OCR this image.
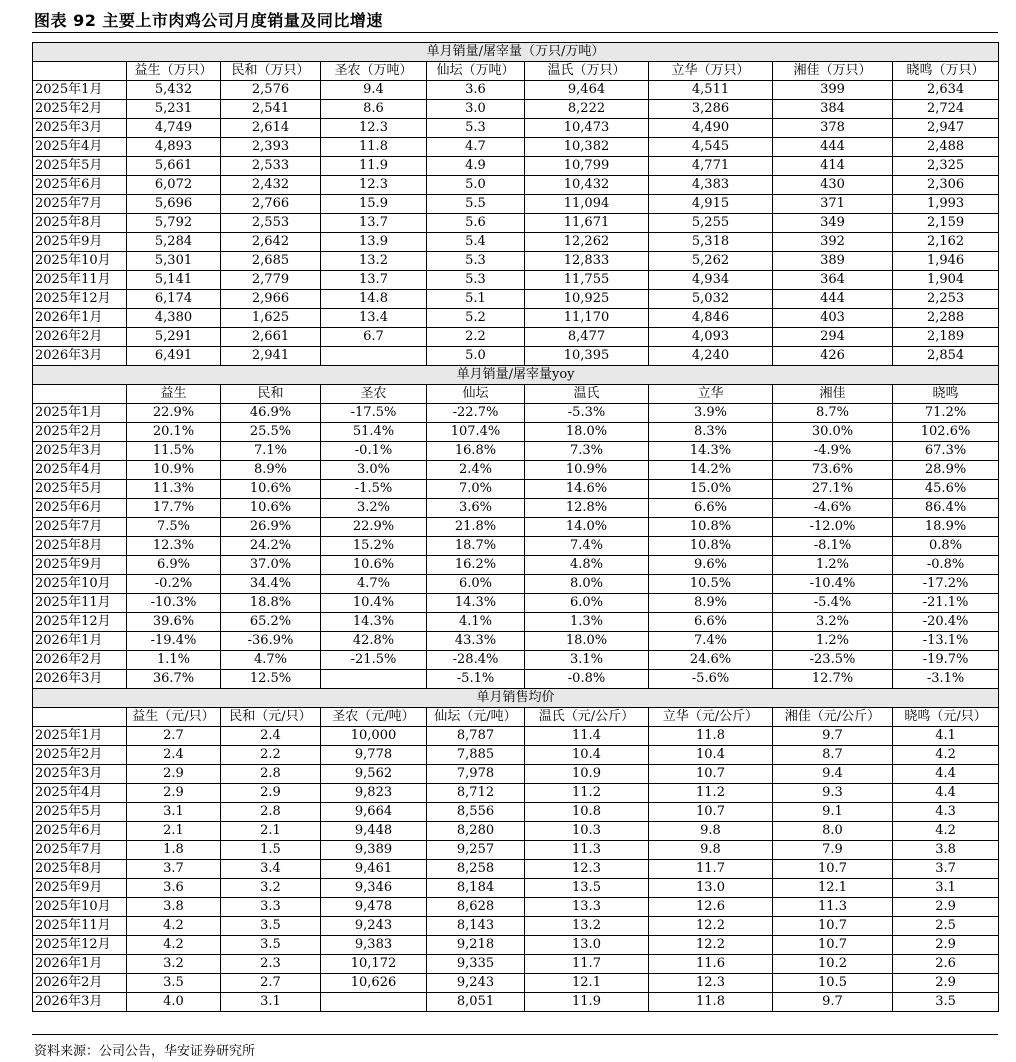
图表 92 主要上市肉鸡公司月度销量及同比增速
单月销量/屠宰量（万只/万吨）								
	益生（万只）	民和（万只）	圣农（万吨）	仙坛（万吨）	温氏（万只）	立华（万只）	湘佳（万只）	晓鸣（万只）
2025年1月	5,432	2,576	9.4	3.6	9,464	4,511	399	2,634
2025年2月	5,231	2,541	8.6	3.0	8,222	3,286	384	2,724
2025年3月	4,749	2,614	12.3	5.3	10,473	4,490	378	2,947
2025年4月	4,893	2,393	11.8	4.7	10,382	4,545	444	2,488
2025年5月	5,661	2,533	11.9	4.9	10,799	4,771	414	2,325
2025年6月	6,072	2,432	12.3	5.0	10,432	4,383	430	2,306
2025年7月	5,696	2,766	15.9	5.5	11,094	4,915	371	1,993
2025年8月	5,792	2,553	13.7	5.6	11,671	5,255	349	2,159
2025年9月	5,284	2,642	13.9	5.4	12,262	5,318	392	2,162
2025年10月	5,301	2,685	13.2	5.3	12,833	5,262	389	1,946
2025年11月	5,141	2,779	13.7	5.3	11,755	4,934	364	1,904
2025年12月	6,174	2,966	14.8	5.1	10,925	5,032	444	2,253
2026年1月	4,380	1,625	13.4	5.2	11,170	4,846	403	2,288
2026年2月	5,291	2,661	6.7	2.2	8,477	4,093	294	2,189
2026年3月	6,491	2,941		5.0	10,395	4,240	426	2,854
单月销量/屠宰量yoy								
	益生	民和	圣农	仙坛	温氏	立华	湘佳	晓鸣
2025年1月	22.9%	46.9%	-17.5%	-22.7%	-5.3%	3.9%	8.7%	71.2%
2025年2月	20.1%	25.5%	51.4%	107.4%	18.0%	8.3%	30.0%	102.6%
2025年3月	11.5%	7.1%	-0.1%	16.8%	7.3%	14.3%	-4.9%	67.3%
2025年4月	10.9%	8.9%	3.0%	2.4%	10.9%	14.2%	73.6%	28.9%
2025年5月	11.3%	10.6%	-1.5%	7.0%	14.6%	15.0%	27.1%	45.6%
2025年6月	17.7%	10.6%	3.2%	3.6%	12.8%	6.6%	-4.6%	86.4%
2025年7月	7.5%	26.9%	22.9%	21.8%	14.0%	10.8%	-12.0%	18.9%
2025年8月	12.3%	24.2%	15.2%	18.7%	7.4%	10.8%	-8.1%	0.8%
2025年9月	6.9%	37.0%	10.6%	16.2%	4.8%	9.6%	1.2%	-0.8%
2025年10月	-0.2%	34.4%	4.7%	6.0%	8.0%	10.5%	-10.4%	-17.2%
2025年11月	-10.3%	18.8%	10.4%	14.3%	6.0%	8.9%	-5.4%	-21.1%
2025年12月	39.6%	65.2%	14.3%	4.1%	1.3%	6.6%	3.2%	-20.4%
2026年1月	-19.4%	-36.9%	42.8%	43.3%	18.0%	7.4%	1.2%	-13.1%
2026年2月	1.1%	4.7%	-21.5%	-28.4%	3.1%	24.6%	-23.5%	-19.7%
2026年3月	36.7%	12.5%		-5.1%	-0.8%	-5.6%	12.7%	-3.1%
单月销售均价								
	益生（元/只）	民和（元/只）	圣农（元/吨）	仙坛（元/吨）	温氏（元/公斤）	立华（元/公斤）	湘佳（元/公斤）	晓鸣（元/只）
2025年1月	2.7	2.4	10,000	8,787	11.4	11.8	9.7	4.1
2025年2月	2.4	2.2	9,778	7,885	10.4	10.4	8.7	4.2
2025年3月	2.9	2.8	9,562	7,978	10.9	10.7	9.4	4.4
2025年4月	2.9	2.9	9,823	8,712	11.2	11.2	9.3	4.4
2025年5月	3.1	2.8	9,664	8,556	10.8	10.7	9.1	4.3
2025年6月	2.1	2.1	9,448	8,280	10.3	9.8	8.0	4.2
2025年7月	1.8	1.5	9,389	9,257	11.3	9.8	7.9	3.8
2025年8月	3.7	3.4	9,461	8,258	12.3	11.7	10.7	3.7
2025年9月	3.6	3.2	9,346	8,184	13.5	13.0	12.1	3.1
2025年10月	3.8	3.3	9,478	8,628	13.3	12.6	11.3	2.9
2025年11月	4.2	3.5	9,243	8,143	13.2	12.2	10.7	2.5
2025年12月	4.2	3.5	9,383	9,218	13.0	12.2	10.7	2.9
2026年1月	3.2	2.3	10,172	9,335	11.7	11.6	10.2	2.6
2026年2月	3.5	2.7	10,626	9,243	12.1	12.3	10.5	2.9
2026年3月	4.0	3.1		8,051	11.9	11.8	9.7	3.5
资料来源：公司公告，华安证券研究所
